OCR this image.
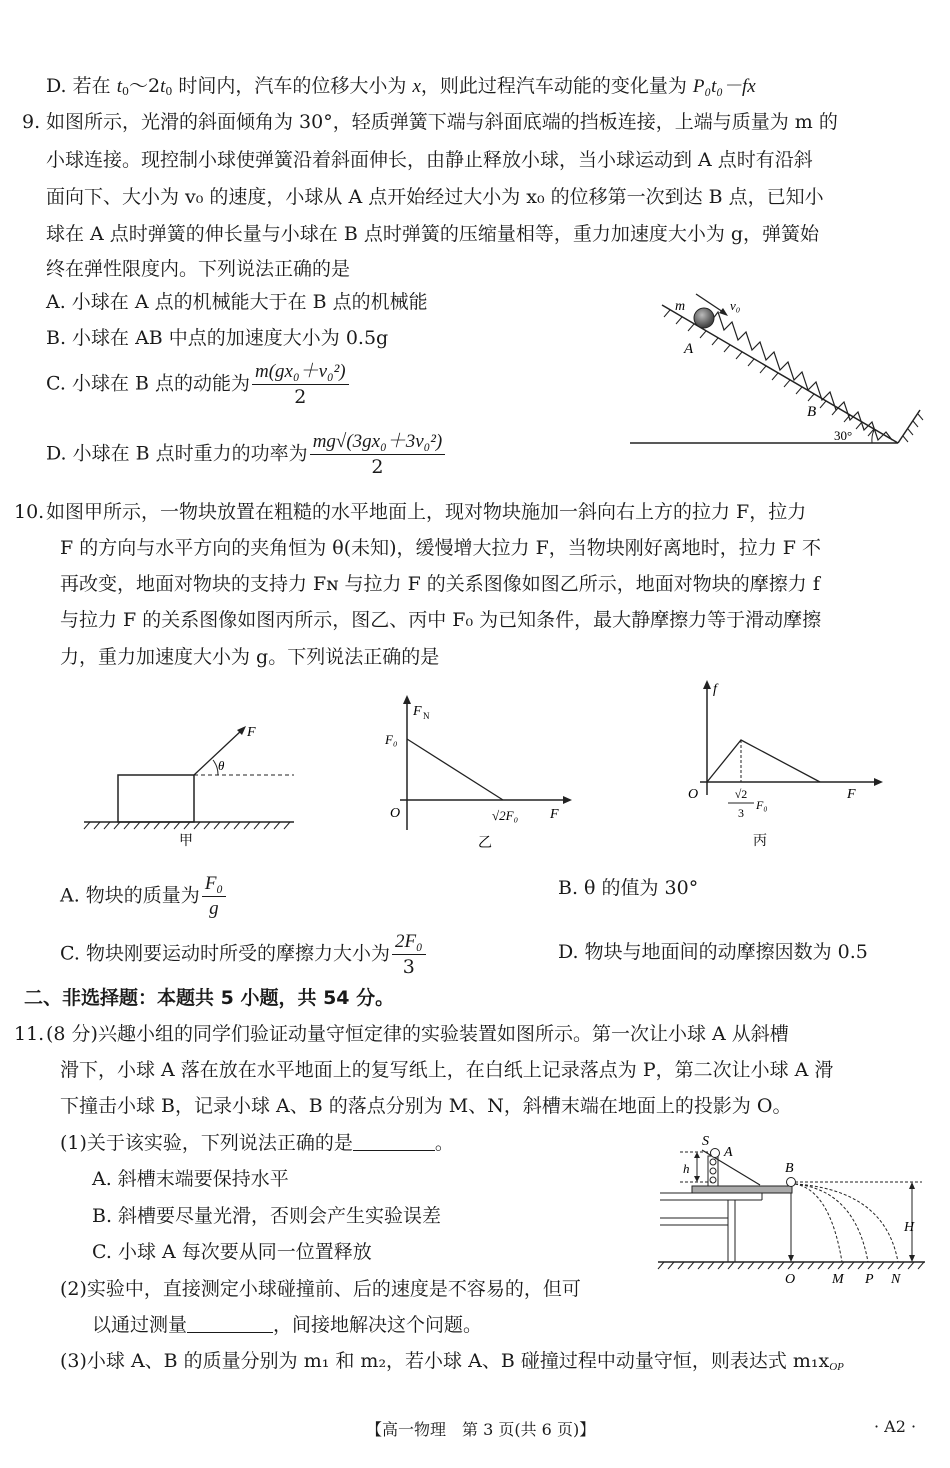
D. 若在 $t_0\sim 2t_0$ 时间内，汽车的位移大小为 x，则此过程汽车动能的变化量为 P₀t₀－fx
9. 如图所示，光滑的斜面倾角为 30°，轻质弹簧下端与斜面底端的挡板连接，上端与质量为 m 的
小球连接。现控制小球使弹簧沿着斜面伸长，由静止释放小球，当小球运动到 A 点时有沿斜
面向下、大小为 v₀ 的速度，小球从 A 点开始经过大小为 x₀ 的位移第一次到达 B 点，已知小
球在 A 点时弹簧的伸长量与小球在 B 点时弹簧的压缩量相等，重力加速度大小为 g，弹簧始
终在弹性限度内。下列说法正确的是
A. 小球在 A 点的机械能大于在 B 点的机械能
B. 小球在 AB 中点的加速度大小为 0.5g
C. 小球在 B 点的动能为 $\frac{\text{m(gx₀＋v₀²)}}{2}$
D. 小球在 B 点时重力的功率为 $\frac{\text{mg√(3gx₀＋3v₀²)}}{2}$
m	v₀
A
B
30°
10. 如图甲所示，一物块放置在粗糙的水平地面上，现对物块施加一斜向右上方的拉力 F，拉力
F 的方向与水平方向的夹角恒为 θ(未知)，缓慢增大拉力 F，当物块刚好离地时，拉力 F 不
再改变，地面对物块的支持力 Fɴ 与拉力 F 的关系图像如图乙所示，地面对物块的摩擦力 f
与拉力 F 的关系图像如图丙所示，图乙、丙中 F₀ 为已知条件，最大静摩擦力等于滑动摩擦
力，重力加速度大小为 g。下列说法正确的是
F
θ
甲
F N
F₀
O	√2F₀ F
乙
f
O	√2
3
F₀
F
丙
A. 物块的质量为 $\frac{\text{F₀}}{g}$	B. θ 的值为 30°
C. 物块刚要运动时所受的摩擦力大小为 $\frac{\text{2F₀}}{3}$	D. 物块与地面间的动摩擦因数为 0.5
二、非选择题：本题共 5 小题，共 54 分。
11. (8 分)兴趣小组的同学们验证动量守恒定律的实验装置如图所示。第一次让小球 A 从斜槽
滑下，小球 A 落在放在水平地面上的复写纸上，在白纸上记录落点为 P，第二次让小球 A 滑
下撞击小球 B，记录小球 A、B 的落点分别为 M、N，斜槽末端在地面上的投影为 O。
(1)关于该实验，下列说法正确的是	。
A. 斜槽末端要保持水平
B. 斜槽要尽量光滑，否则会产生实验误差
C. 小球 A 每次要从同一位置释放
(2)实验中，直接测定小球碰撞前、后的速度是不容易的，但可
以通过测量	，间接地解决这个问题。
(3)小球 A、B 的质量分别为 m₁ 和 m₂，若小球 A、B 碰撞过程中动量守恒，则表达式 $m_1x_{OP}$
h
S
A
B
H
O	M P N
【高一物理　第 3 页(共 6 页)】	· A2 ·
